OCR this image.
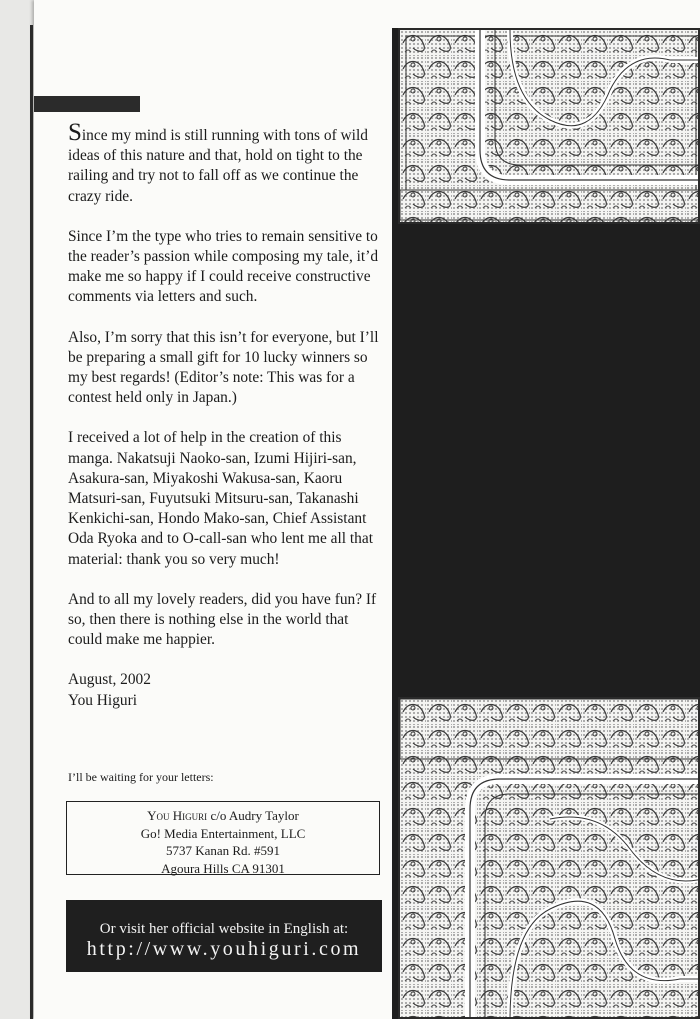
Since my mind is still running with tons of wild ideas of this nature and that, hold on tight to the railing and try not to fall off as we continue the crazy ride.

Since I’m the type who tries to remain sensitive to the reader’s passion while composing my tale, it’d make me so happy if I could receive constructive comments via letters and such.

Also, I’m sorry that this isn’t for everyone, but I’ll be preparing a small gift for 10 lucky winners so my best regards! (Editor’s note: This was for a contest held only in Japan.)

I received a lot of help in the creation of this manga. Nakatsuji Naoko-san, Izumi Hijiri-san, Asakura-san, Miyakoshi Wakusa-san, Kaoru Matsuri-san, Fuyutsuki Mitsuru-san, Takanashi Kenkichi-san, Hondo Mako-san, Chief Assistant Oda Ryoka and to O-call-san who lent me all that material: thank you so very much!

And to all my lovely readers, did you have fun? If so, then there is nothing else in the world that could make me happier.

August, 2002

You Higuri

I’ll be waiting for your letters:
You Higuri c/o Audry Taylor
Go! Media Entertainment, LLC
5737 Kanan Rd. #591
Agoura Hills CA 91301
Or visit her official website in English at:
http://www.youhiguri.com
